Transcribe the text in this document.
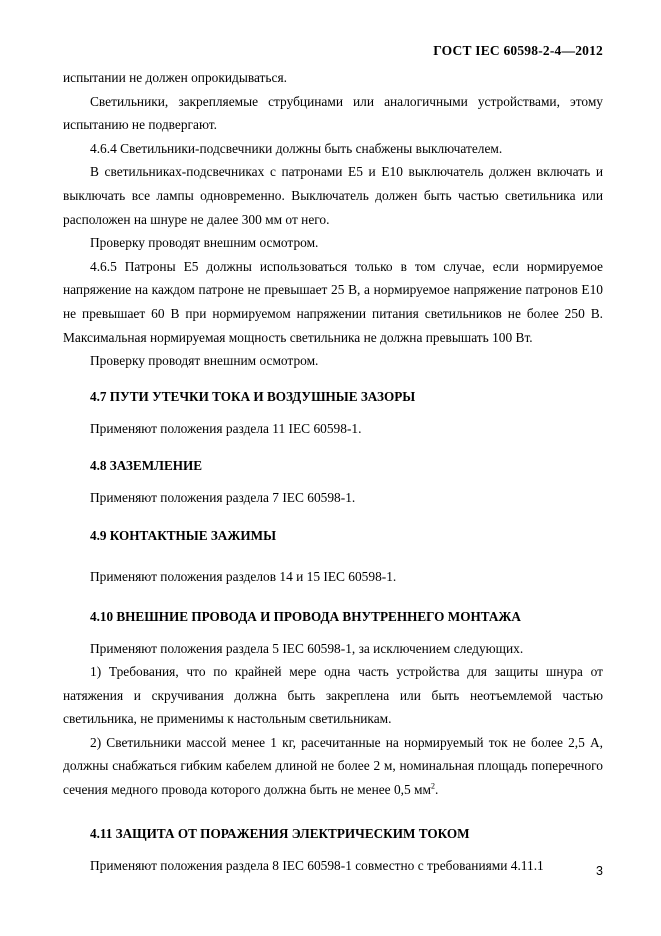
ГОСТ IEC 60598-2-4—2012

испытании не должен опрокидываться.

Светильники, закрепляемые струбцинами или аналогичными устройствами, этому испытанию не подвергают.

4.6.4 Светильники-подсвечники должны быть снабжены выключателем.

В светильниках-подсвечниках с патронами Е5 и Е10 выключатель должен включать и выключать все лампы одновременно. Выключатель должен быть частью светильника или расположен на шнуре не далее 300 мм от него.

Проверку проводят внешним осмотром.

4.6.5 Патроны Е5 должны использоваться только в том случае, если нормируемое напряжение на каждом патроне не превышает 25 В, а нормируемое напряжение патронов Е10 не превышает 60 В при нормируемом напряжении питания светильников не более 250 В. Максимальная нормируемая мощность светильника не должна превышать 100 Вт.

Проверку проводят внешним осмотром.

4.7 ПУТИ УТЕЧКИ ТОКА И ВОЗДУШНЫЕ ЗАЗОРЫ

Применяют положения раздела 11 IEC 60598-1.

4.8 ЗАЗЕМЛЕНИЕ

Применяют положения раздела 7 IEC 60598-1.

4.9 КОНТАКТНЫЕ ЗАЖИМЫ

Применяют положения разделов 14 и 15 IEC 60598-1.

4.10 ВНЕШНИЕ ПРОВОДА И ПРОВОДА ВНУТРЕННЕГО МОНТАЖА

Применяют положения раздела 5 IEC 60598-1, за исключением следующих.

1) Требования, что по крайней мере одна часть устройства для защиты шнура от натяжения и скручивания должна быть закреплена или быть неотъемлемой частью светильника, не применимы к настольным светильникам.

2) Светильники массой менее 1 кг, расечитанные на нормируемый ток не более 2,5 А, должны снабжаться гибким кабелем длиной не более 2 м, номинальная площадь поперечного сечения медного провода которого должна быть не менее 0,5 $мм^2$.

4.11 ЗАЩИТА ОТ ПОРАЖЕНИЯ ЭЛЕКТРИЧЕСКИМ ТОКОМ

Применяют положения раздела 8 IEC 60598-1 совместно с требованиями 4.11.1	3
